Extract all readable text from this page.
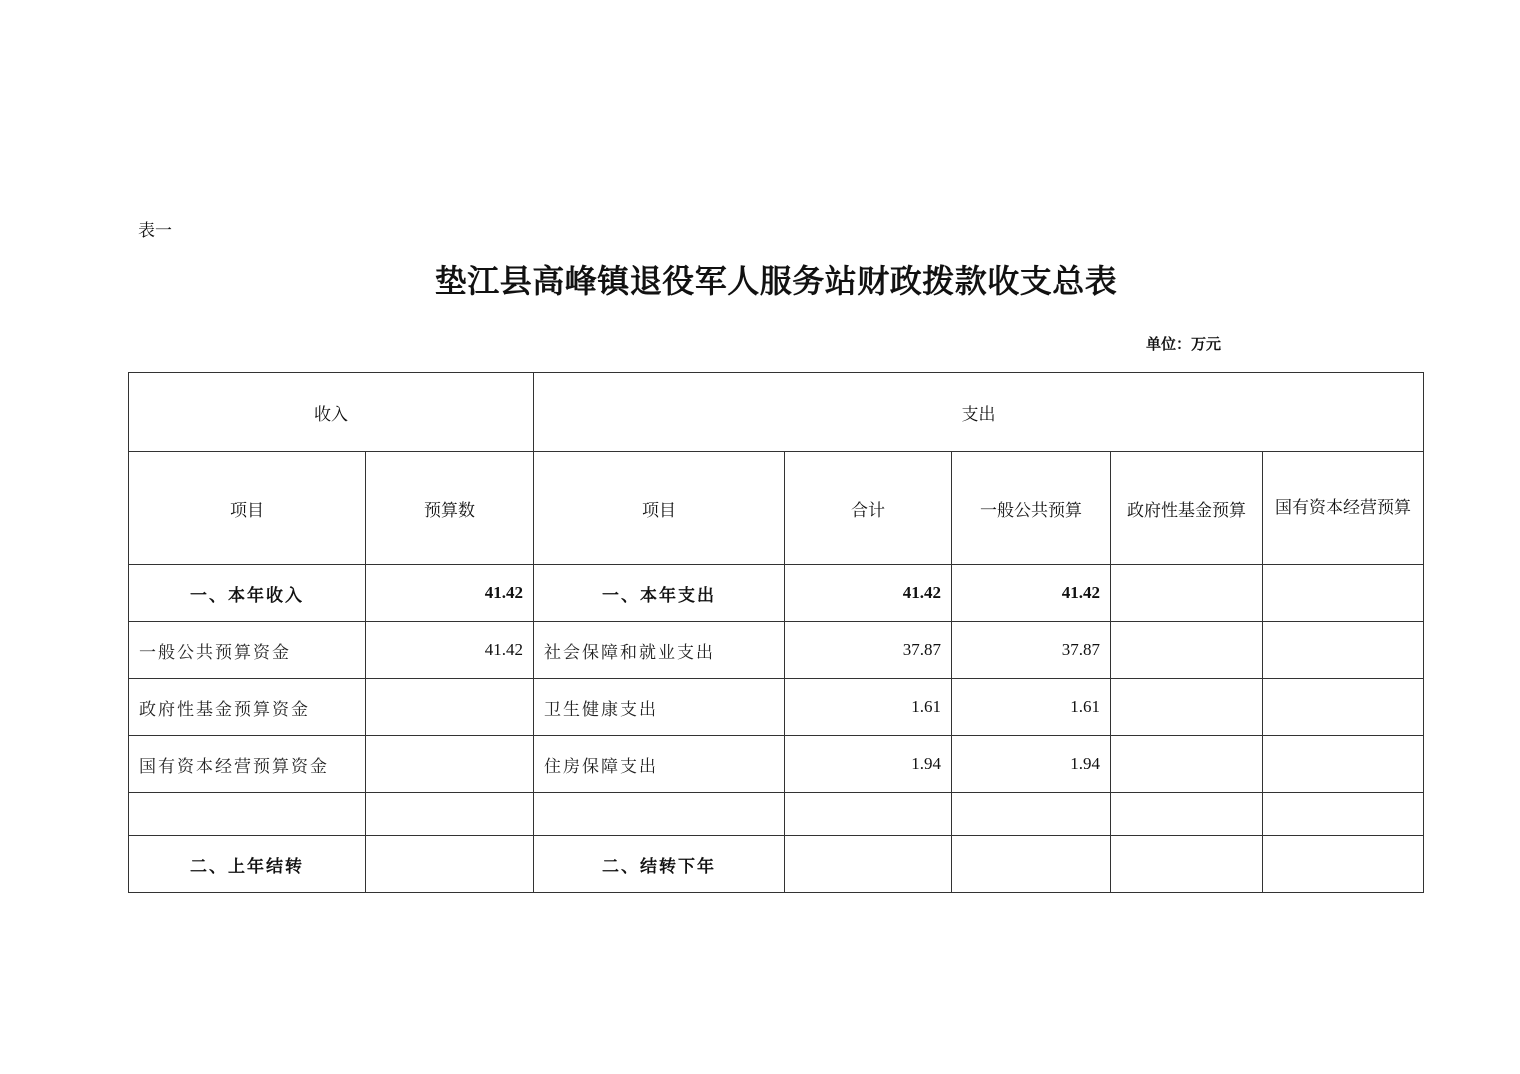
表一
垫江县高峰镇退役军人服务站财政拨款收支总表
单位：万元
收入		支出				
项目	预算数	项目	合计	一般公共预算	政府性基金预算	国有资本经营预算
一、本年收入	41.42	一、本年支出	41.42	41.42		
一般公共预算资金	41.42	社会保障和就业支出	37.87	37.87		
政府性基金预算资金		卫生健康支出	1.61	1.61		
国有资本经营预算资金		住房保障支出	1.94	1.94		

二、上年结转		二、结转下年				
